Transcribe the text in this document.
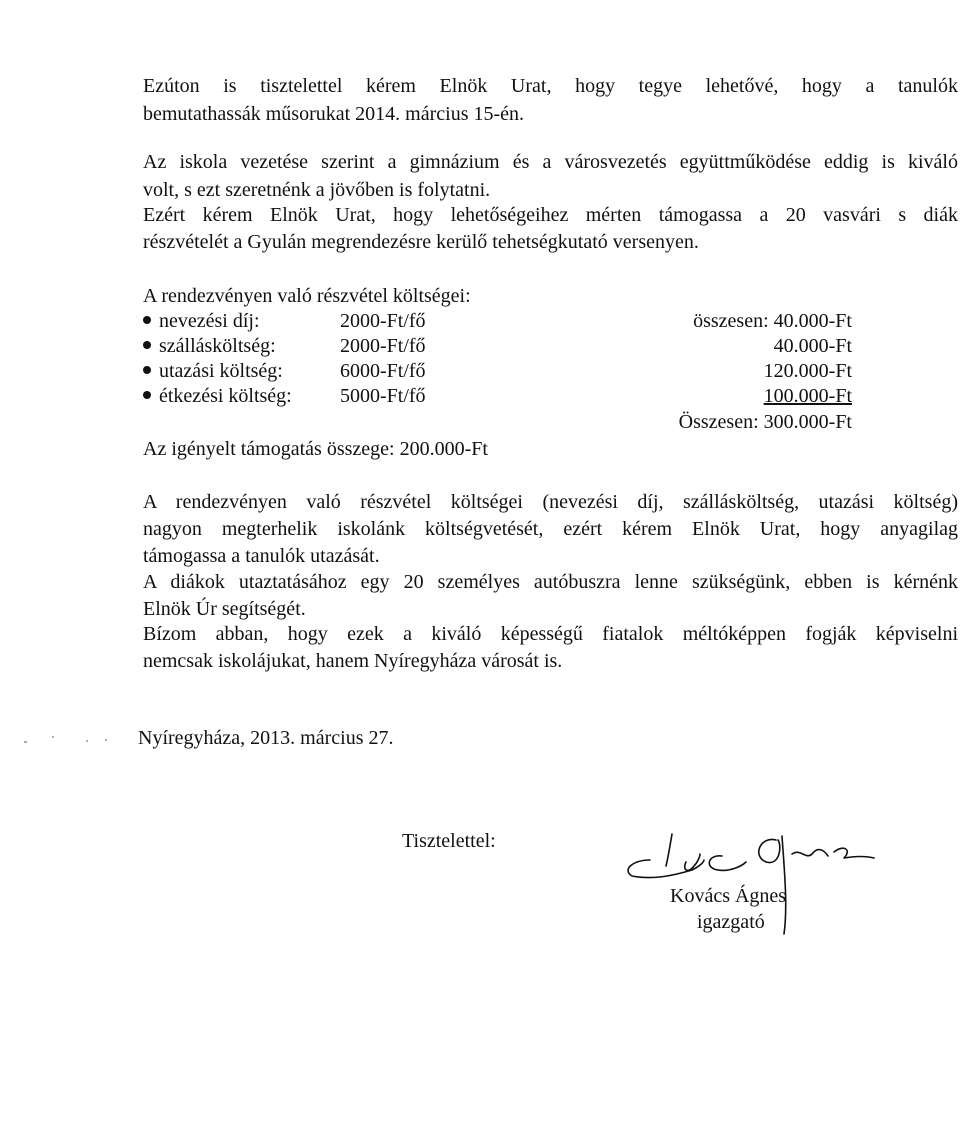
Ezúton is tisztelettel kérem Elnök Urat, hogy tegye lehetővé, hogy a tanulók
bemutathassák műsorukat 2014. március 15-én.
Az iskola vezetése szerint a gimnázium és a városvezetés együttműködése eddig is kiváló
volt, s ezt szeretnénk a jövőben is folytatni.
Ezért kérem Elnök Urat, hogy lehetőségeihez mérten támogassa a 20 vasvári s diák
részvételét a Gyulán megrendezésre kerülő tehetségkutató versenyen.
A rendezvényen való részvétel költségei:
nevezési díj:	2000-Ft/fő	összesen: 40.000-Ft
szállásköltség:	2000-Ft/fő	40.000-Ft
utazási költség:	6000-Ft/fő	120.000-Ft
étkezési költség: 5000-Ft/fő	100.000-Ft
Összesen: 300.000-Ft
Az igényelt támogatás összege: 200.000-Ft
A rendezvényen való részvétel költségei (nevezési díj, szállásköltség, utazási költség)
nagyon megterhelik iskolánk költségvetését, ezért kérem Elnök Urat, hogy anyagilag
támogassa a tanulók utazását.
A diákok utaztatásához egy 20 személyes autóbuszra lenne szükségünk, ebben is kérnénk
Elnök Úr segítségét.
Bízom abban, hogy ezek a kiváló képességű fiatalok méltóképpen fogják képviselni
nemcsak iskolájukat, hanem Nyíregyháza városát is.
Nyíregyháza, 2013. március 27.
Tisztelettel:
Kovács Ágnes
igazgató
